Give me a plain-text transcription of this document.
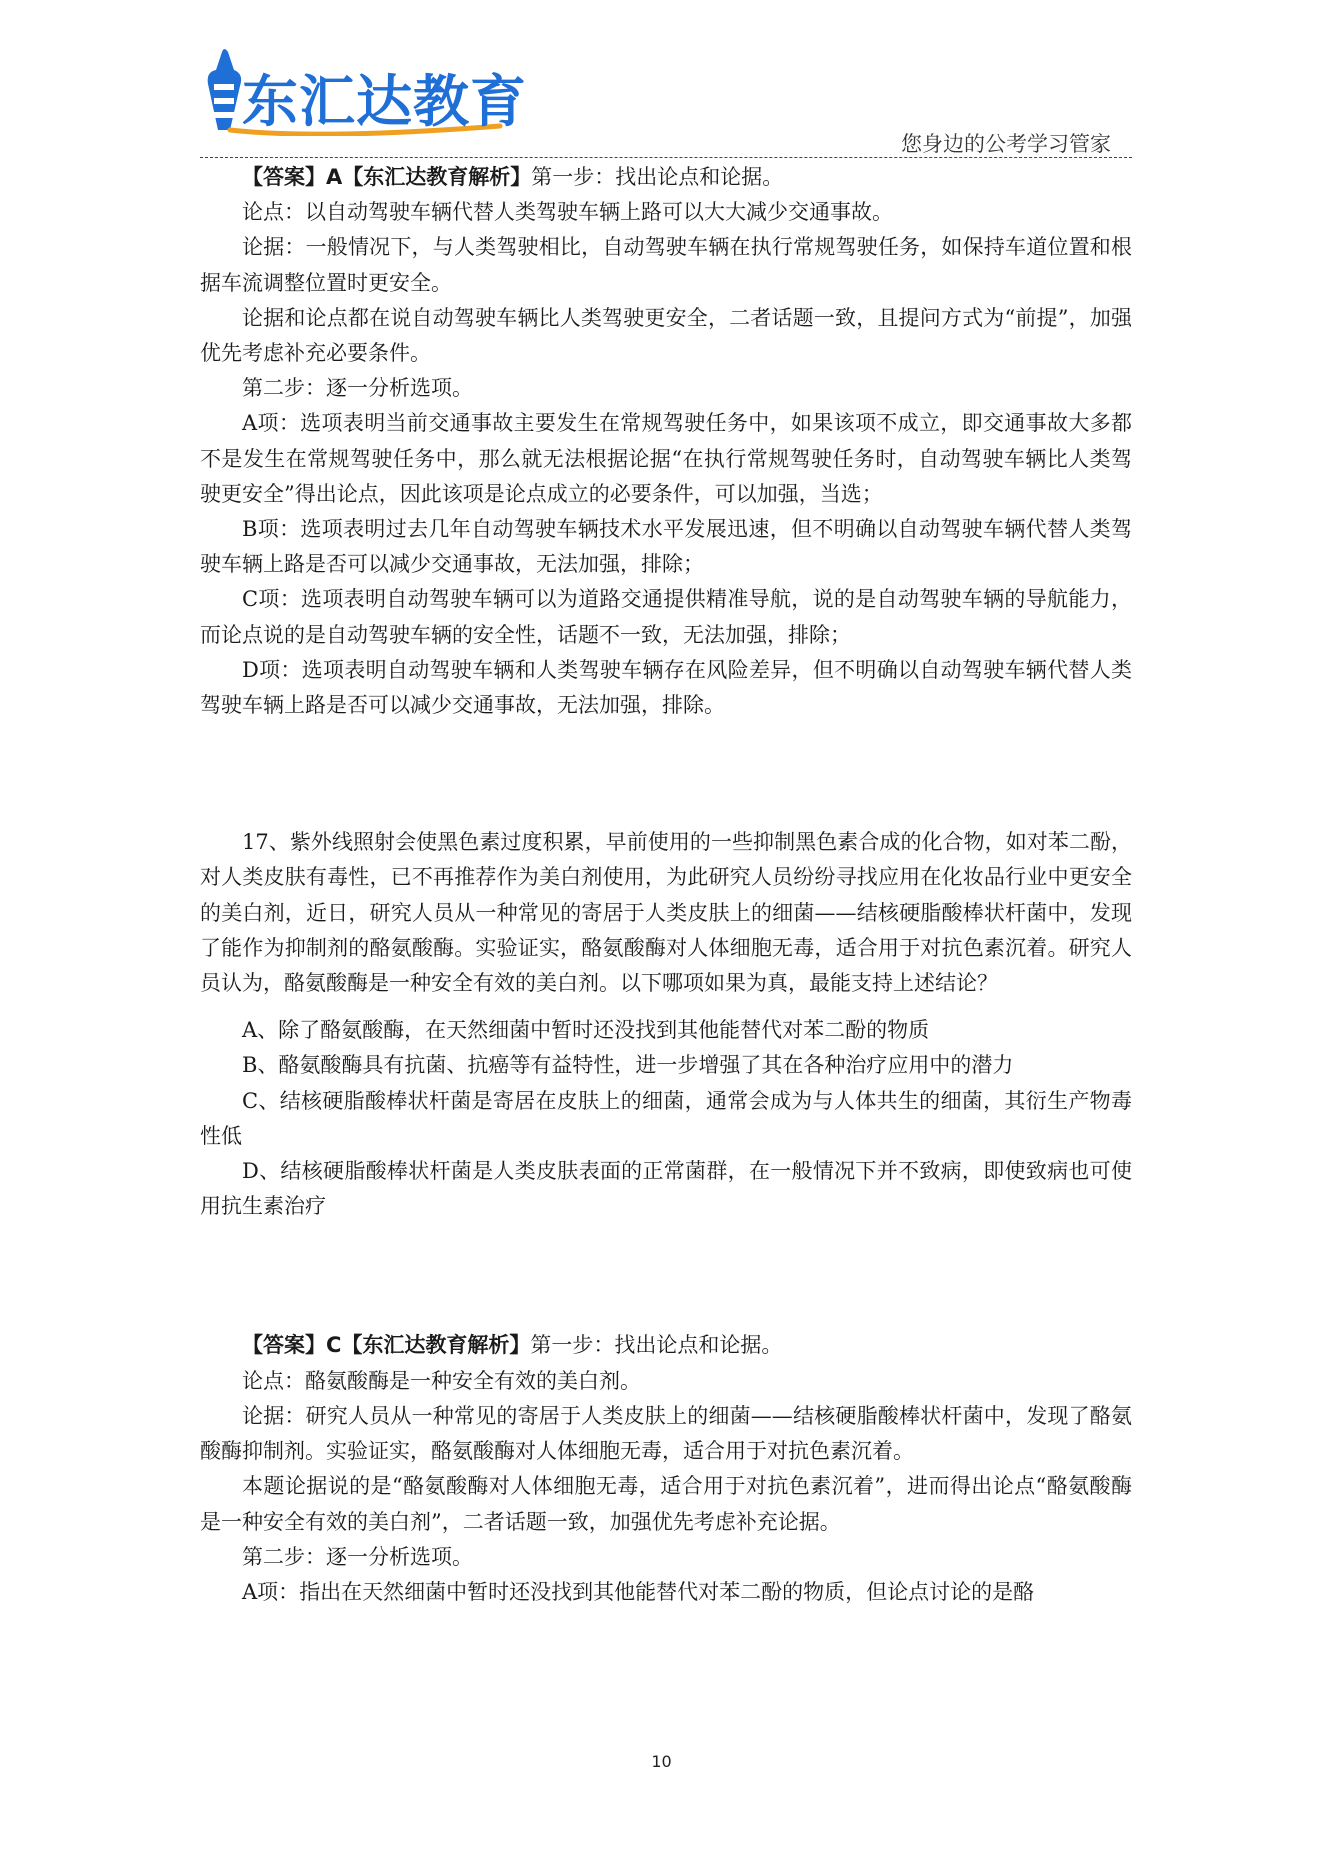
东汇达教育
您身边的公考学习管家

【答案】A【东汇达教育解析】第一步：找出论点和论据。

论点：以自动驾驶车辆代替人类驾驶车辆上路可以大大减少交通事故。

论据：一般情况下，与人类驾驶相比，自动驾驶车辆在执行常规驾驶任务，如保持车道位置和根据车流调整位置时更安全。

论据和论点都在说自动驾驶车辆比人类驾驶更安全，二者话题一致，且提问方式为“前提”，加强优先考虑补充必要条件。

第二步：逐一分析选项。

A项：选项表明当前交通事故主要发生在常规驾驶任务中，如果该项不成立，即交通事故大多都不是发生在常规驾驶任务中，那么就无法根据论据“在执行常规驾驶任务时，自动驾驶车辆比人类驾驶更安全”得出论点，因此该项是论点成立的必要条件，可以加强，当选；

B项：选项表明过去几年自动驾驶车辆技术水平发展迅速，但不明确以自动驾驶车辆代替人类驾驶车辆上路是否可以减少交通事故，无法加强，排除；

C项：选项表明自动驾驶车辆可以为道路交通提供精准导航，说的是自动驾驶车辆的导航能力，而论点说的是自动驾驶车辆的安全性，话题不一致，无法加强，排除；

D项：选项表明自动驾驶车辆和人类驾驶车辆存在风险差异，但不明确以自动驾驶车辆代替人类驾驶车辆上路是否可以减少交通事故，无法加强，排除。

17、紫外线照射会使黑色素过度积累，早前使用的一些抑制黑色素合成的化合物，如对苯二酚，对人类皮肤有毒性，已不再推荐作为美白剂使用，为此研究人员纷纷寻找应用在化妆品行业中更安全的美白剂，近日，研究人员从一种常见的寄居于人类皮肤上的细菌——结核硬脂酸棒状杆菌中，发现了能作为抑制剂的酪氨酸酶。实验证实，酪氨酸酶对人体细胞无毒，适合用于对抗色素沉着。研究人员认为，酪氨酸酶是一种安全有效的美白剂。以下哪项如果为真，最能支持上述结论？

A、除了酪氨酸酶，在天然细菌中暂时还没找到其他能替代对苯二酚的物质

B、酪氨酸酶具有抗菌、抗癌等有益特性，进一步增强了其在各种治疗应用中的潜力

C、结核硬脂酸棒状杆菌是寄居在皮肤上的细菌，通常会成为与人体共生的细菌，其衍生产物毒性低

D、结核硬脂酸棒状杆菌是人类皮肤表面的正常菌群，在一般情况下并不致病，即使致病也可使用抗生素治疗

【答案】C【东汇达教育解析】第一步：找出论点和论据。

论点：酪氨酸酶是一种安全有效的美白剂。

论据：研究人员从一种常见的寄居于人类皮肤上的细菌——结核硬脂酸棒状杆菌中，发现了酪氨酸酶抑制剂。实验证实，酪氨酸酶对人体细胞无毒，适合用于对抗色素沉着。

本题论据说的是“酪氨酸酶对人体细胞无毒，适合用于对抗色素沉着”，进而得出论点“酪氨酸酶是一种安全有效的美白剂”，二者话题一致，加强优先考虑补充论据。

第二步：逐一分析选项。

A项：指出在天然细菌中暂时还没找到其他能替代对苯二酚的物质，但论点讨论的是酪

10
